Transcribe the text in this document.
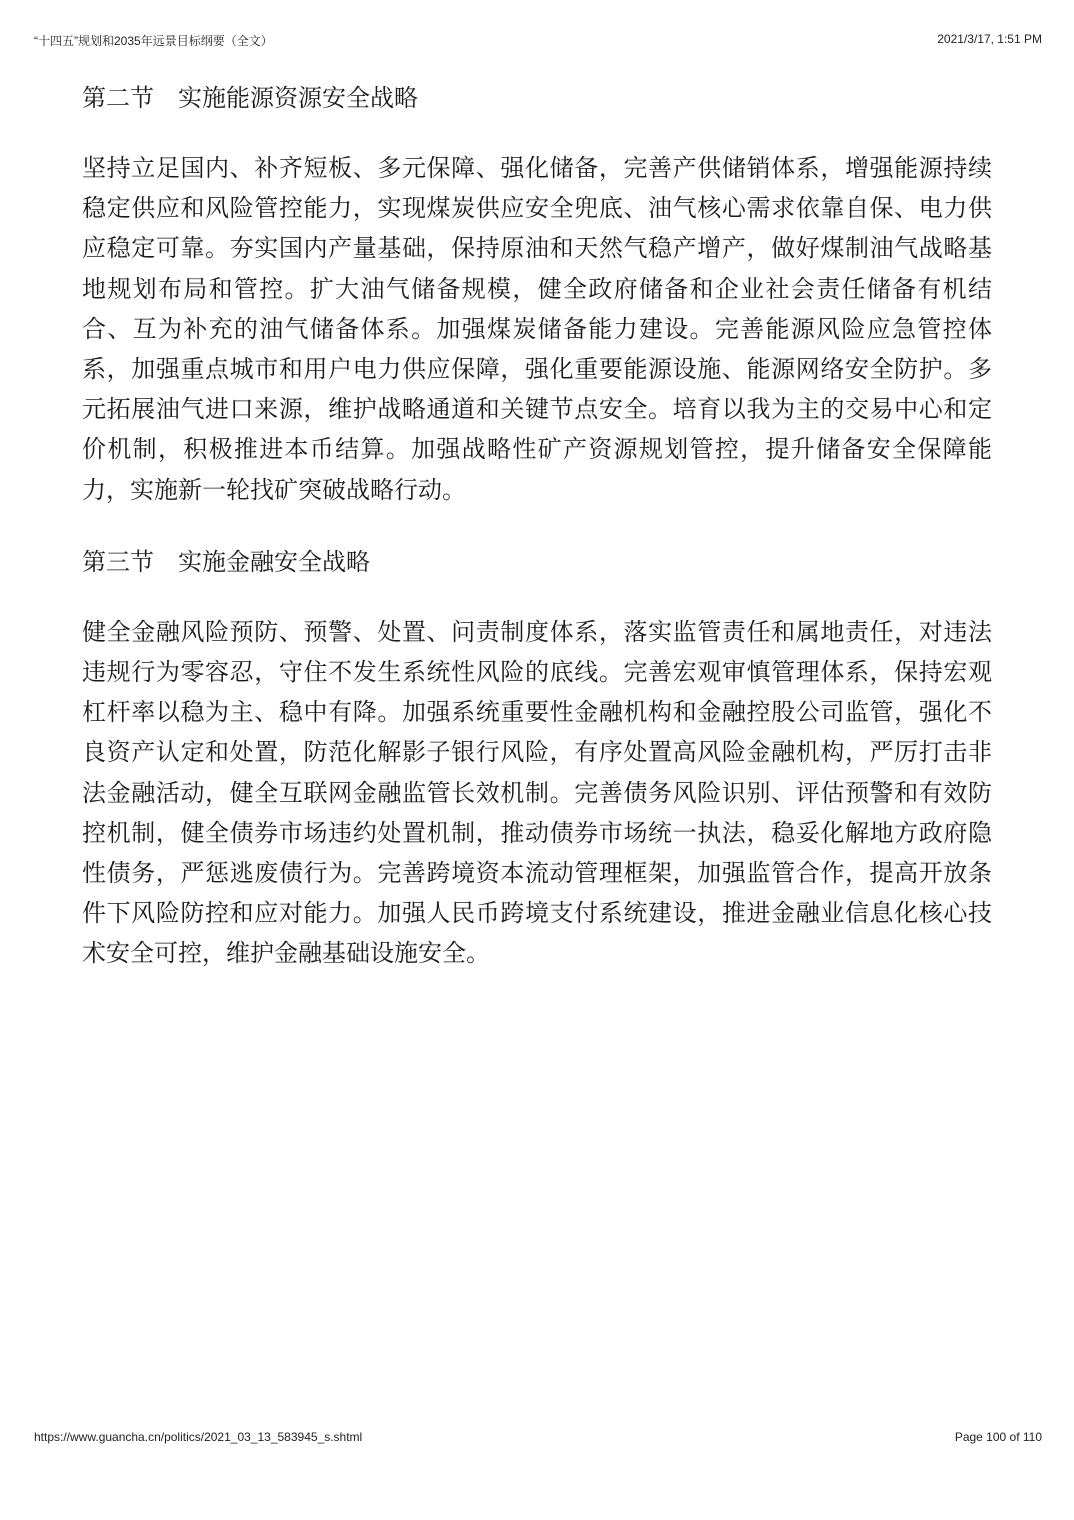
“十四五”规划和2035年远景目标纲要（全文）	2021/3/17, 1:51 PM
第二节　实施能源资源安全战略

坚持立足国内、补齐短板、多元保障、强化储备，完善产供储销体系，增强能源持续稳定供应和风险管控能力，实现煤炭供应安全兜底、油气核心需求依靠自保、电力供应稳定可靠。夯实国内产量基础，保持原油和天然气稳产增产，做好煤制油气战略基地规划布局和管控。扩大油气储备规模，健全政府储备和企业社会责任储备有机结合、互为补充的油气储备体系。加强煤炭储备能力建设。完善能源风险应急管控体系，加强重点城市和用户电力供应保障，强化重要能源设施、能源网络安全防护。多元拓展油气进口来源，维护战略通道和关键节点安全。培育以我为主的交易中心和定价机制，积极推进本币结算。加强战略性矿产资源规划管控，提升储备安全保障能力，实施新一轮找矿突破战略行动。

第三节　实施金融安全战略

健全金融风险预防、预警、处置、问责制度体系，落实监管责任和属地责任，对违法违规行为零容忍，守住不发生系统性风险的底线。完善宏观审慎管理体系，保持宏观杠杆率以稳为主、稳中有降。加强系统重要性金融机构和金融控股公司监管，强化不良资产认定和处置，防范化解影子银行风险，有序处置高风险金融机构，严厉打击非法金融活动，健全互联网金融监管长效机制。完善债务风险识别、评估预警和有效防控机制，健全债券市场违约处置机制，推动债券市场统一执法，稳妥化解地方政府隐性债务，严惩逃废债行为。完善跨境资本流动管理框架，加强监管合作，提高开放条件下风险防控和应对能力。加强人民币跨境支付系统建设，推进金融业信息化核心技术安全可控，维护金融基础设施安全。

https://www.guancha.cn/politics/2021_03_13_583945_s.shtml	Page 100 of 110
